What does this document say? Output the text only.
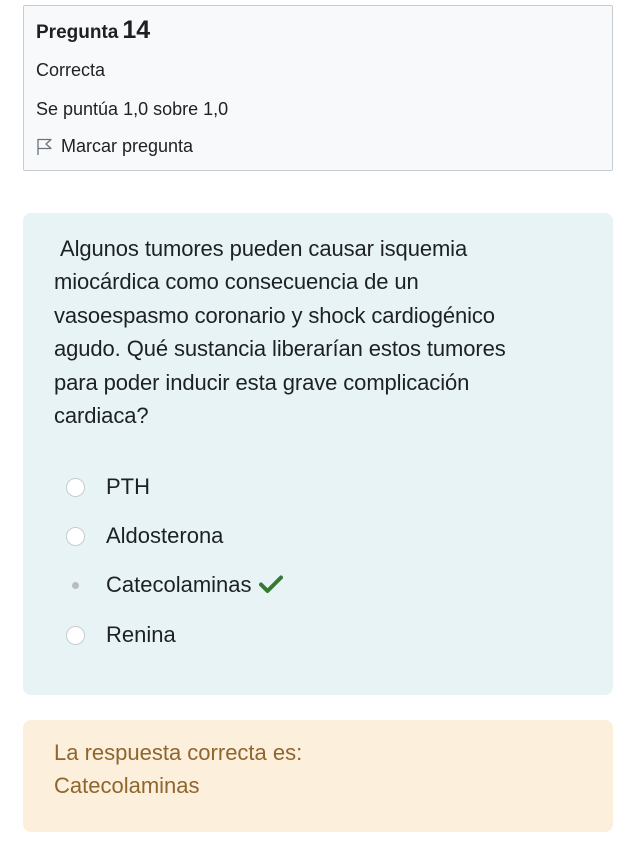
Pregunta 14
Correcta
Se puntúa 1,0 sobre 1,0
Marcar pregunta
Algunos tumores pueden causar isquemia
miocárdica como consecuencia de un
vasoespasmo coronario y shock cardiogénico
agudo. Qué sustancia liberarían estos tumores
para poder inducir esta grave complicación
cardiaca?
PTH
Aldosterona
Catecolaminas
Renina
La respuesta correcta es:
Catecolaminas
